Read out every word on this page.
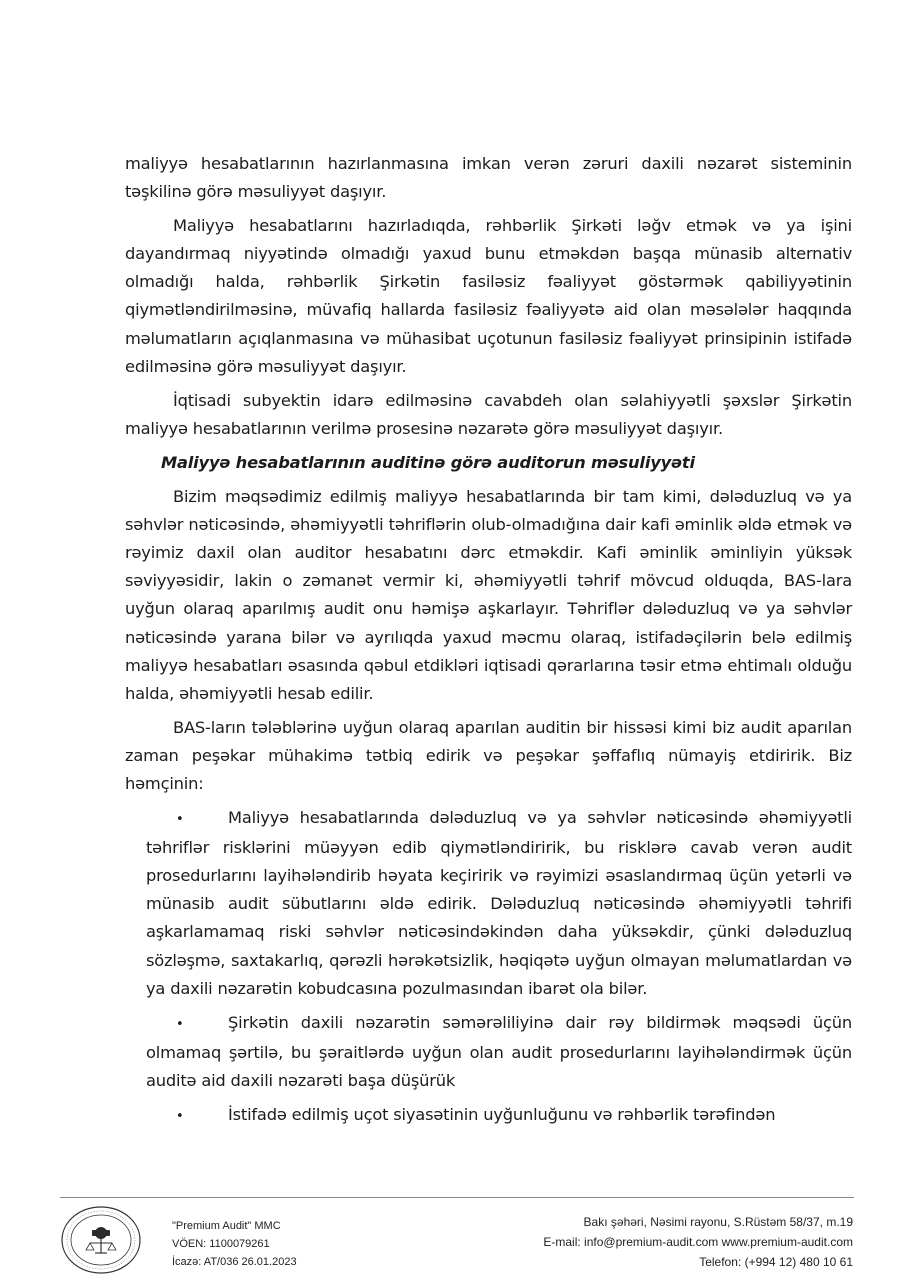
maliyyə hesabatlarının hazırlanmasına imkan verən zəruri daxili nəzarət sisteminin təşkilinə görə məsuliyyət daşıyır.

Maliyyə hesabatlarını hazırladıqda, rəhbərlik Şirkəti ləğv etmək və ya işini dayandırmaq niyyətində olmadığı yaxud bunu etməkdən başqa münasib alternativ olmadığı halda, rəhbərlik Şirkətin fasiləsiz fəaliyyət göstərmək qabiliyyətinin qiymətləndirilməsinə, müvafiq hallarda fasiləsiz fəaliyyətə aid olan məsələlər haqqında məlumatların açıqlanmasına və mühasibat uçotunun fasiləsiz fəaliyyət prinsipinin istifadə edilməsinə görə məsuliyyət daşıyır.

İqtisadi subyektin idarə edilməsinə cavabdeh olan səlahiyyətli şəxslər Şirkətin maliyyə hesabatlarının verilmə prosesinə nəzarətə görə məsuliyyət daşıyır.

Maliyyə hesabatlarının auditinə görə auditorun məsuliyyəti

Bizim məqsədimiz edilmiş maliyyə hesabatlarında bir tam kimi, dələduzluq və ya səhvlər nəticəsində, əhəmiyyətli təhriflərin olub-olmadığına dair kafi əminlik əldə etmək və rəyimiz daxil olan auditor hesabatını dərc etməkdir. Kafi əminlik əminliyin yüksək səviyyəsidir, lakin o zəmanət vermir ki, əhəmiyyətli təhrif mövcud olduqda, BAS-lara uyğun olaraq aparılmış audit onu həmişə aşkarlayır. Təhriflər dələduzluq və ya səhvlər nəticəsində yarana bilər və ayrılıqda yaxud məcmu olaraq, istifadəçilərin belə edilmiş maliyyə hesabatları əsasında qəbul etdikləri iqtisadi qərarlarına təsir etmə ehtimalı olduğu halda, əhəmiyyətli hesab edilir.

BAS-ların tələblərinə uyğun olaraq aparılan auditin bir hissəsi kimi biz audit aparılan zaman peşəkar mühakimə tətbiq edirik və peşəkar şəffaflıq nümayiş etdiririk. Biz həmçinin:

•	Maliyyə hesabatlarında dələduzluq və ya səhvlər nəticəsində əhəmiyyətli təhriflər risklərini müəyyən edib qiymətləndiririk, bu risklərə cavab verən audit prosedurlarını layihələndirib həyata keçiririk və rəyimizi əsaslandırmaq üçün yetərli və münasib audit sübutlarını əldə edirik. Dələduzluq nəticəsində əhəmiyyətli təhrifi aşkarlamamaq riski səhvlər nəticəsindəkindən daha yüksəkdir, çünki dələduzluq sözləşmə, saxtakarlıq, qərəzli hərəkətsizlik, həqiqətə uyğun olmayan məlumatlardan və ya daxili nəzarətin kobudcasına pozulmasından ibarət ola bilər.

•	Şirkətin daxili nəzarətin səmərəliliyinə dair rəy bildirmək məqsədi üçün olmamaq şərtilə, bu şəraitlərdə uyğun olan audit prosedurlarını layihələndirmək üçün auditə aid daxili nəzarəti başa düşürük

•	İstifadə edilmiş uçot siyasətinin uyğunluğunu və rəhbərlik tərəfindən

"Premium Audit" MMC
VÖEN: 1100079261
İcazə: AT/036 26.01.2023
Bakı şəhəri, Nəsimi rayonu, S.Rüstəm 58/37, m.19
E-mail: info@premium-audit.com www.premium-audit.com
Telefon: (+994 12) 480 10 61
